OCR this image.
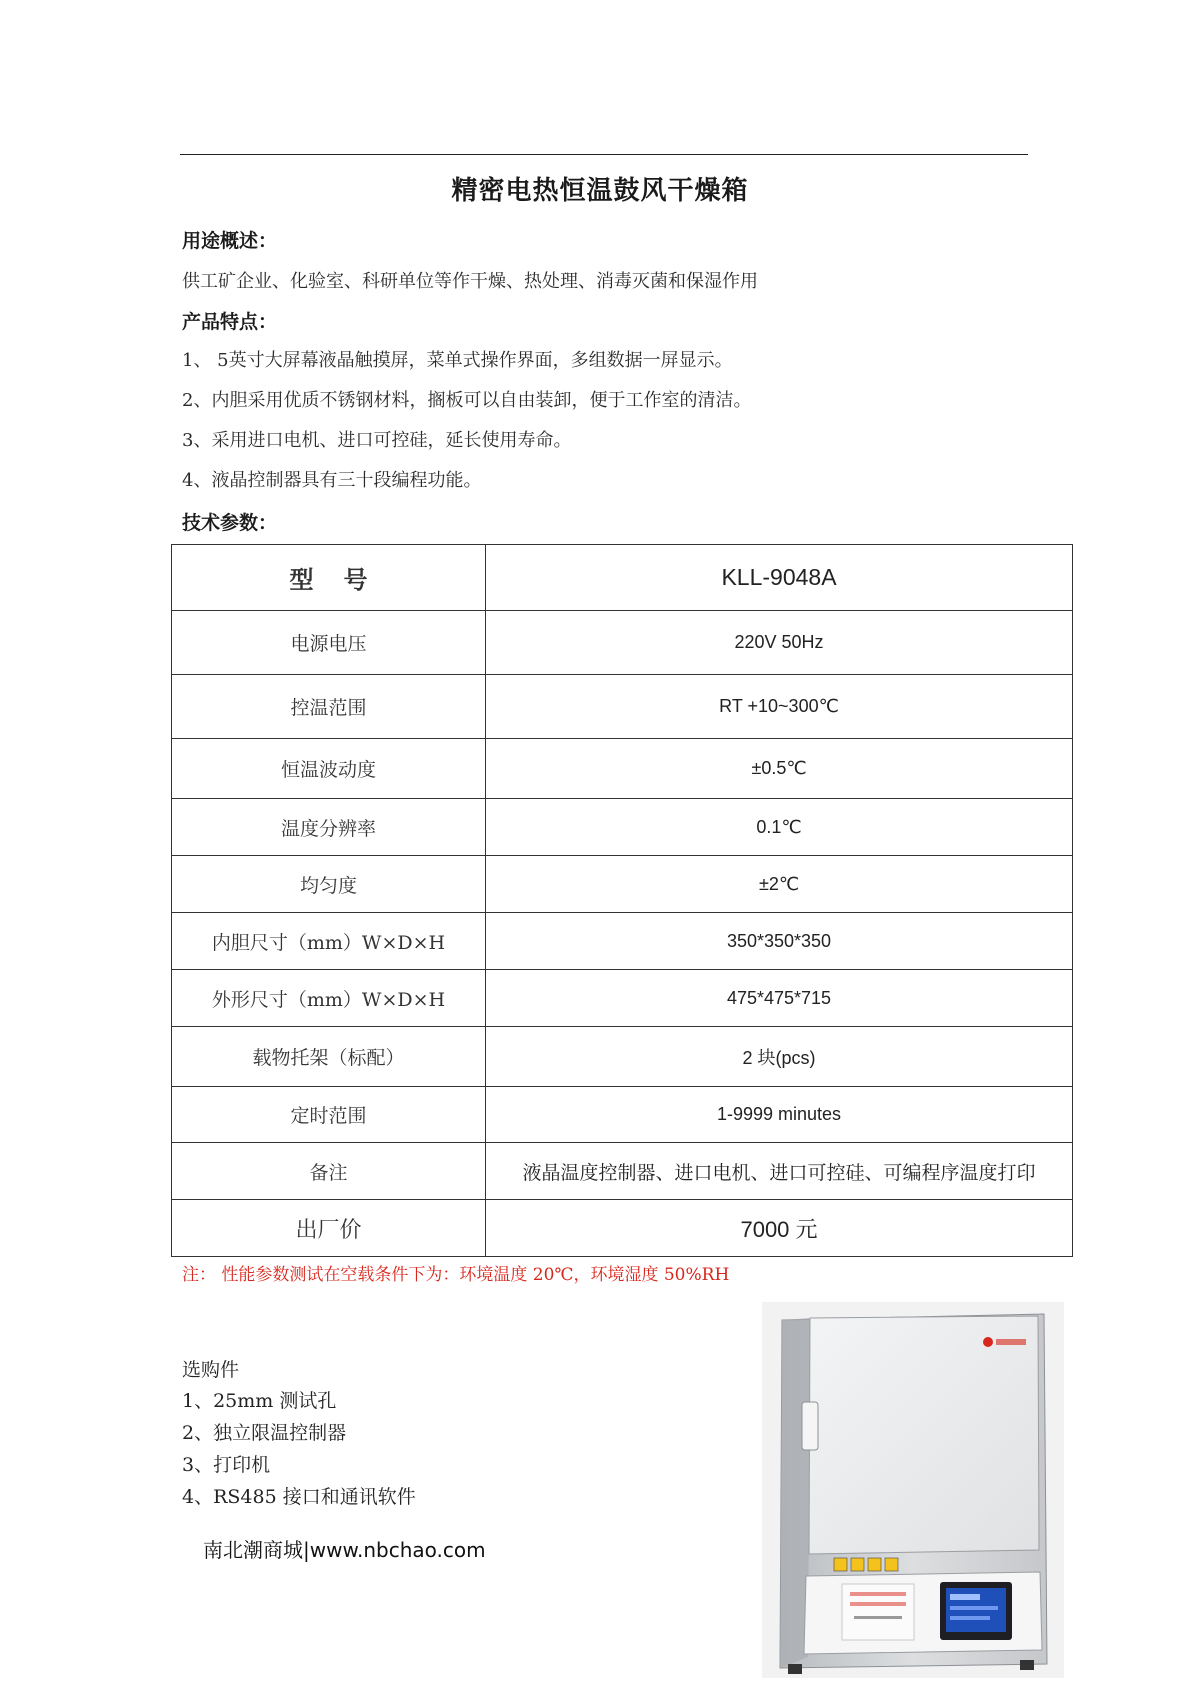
精密电热恒温鼓风干燥箱
用途概述：
供工矿企业、化验室、科研单位等作干燥、热处理、消毒灭菌和保湿作用
产品特点：
1、 5英寸大屏幕液晶触摸屏，菜单式操作界面，多组数据一屏显示。
2、内胆采用优质不锈钢材料，搁板可以自由装卸，便于工作室的清洁。
3、采用进口电机、进口可控硅，延长使用寿命。
4、液晶控制器具有三十段编程功能。
技术参数：
型号	KLL-9048A
电源电压	220V 50Hz
控温范围	RT +10~300℃
恒温波动度	±0.5℃
温度分辨率	0.1℃
均匀度	±2℃
内胆尺寸（mm）W×D×H	350*350*350
外形尺寸（mm）W×D×H	475*475*715
载物托架（标配）	2 块(pcs)
定时范围	1-9999 minutes
备注	液晶温度控制器、进口电机、进口可控硅、可编程序温度打印
出厂价	7000 元
注： 性能参数测试在空载条件下为：环境温度 20℃，环境湿度 50%RH
选购件
1、25mm 测试孔
2、独立限温控制器
3、打印机
4、RS485 接口和通讯软件
南北潮商城|www.nbchao.com
